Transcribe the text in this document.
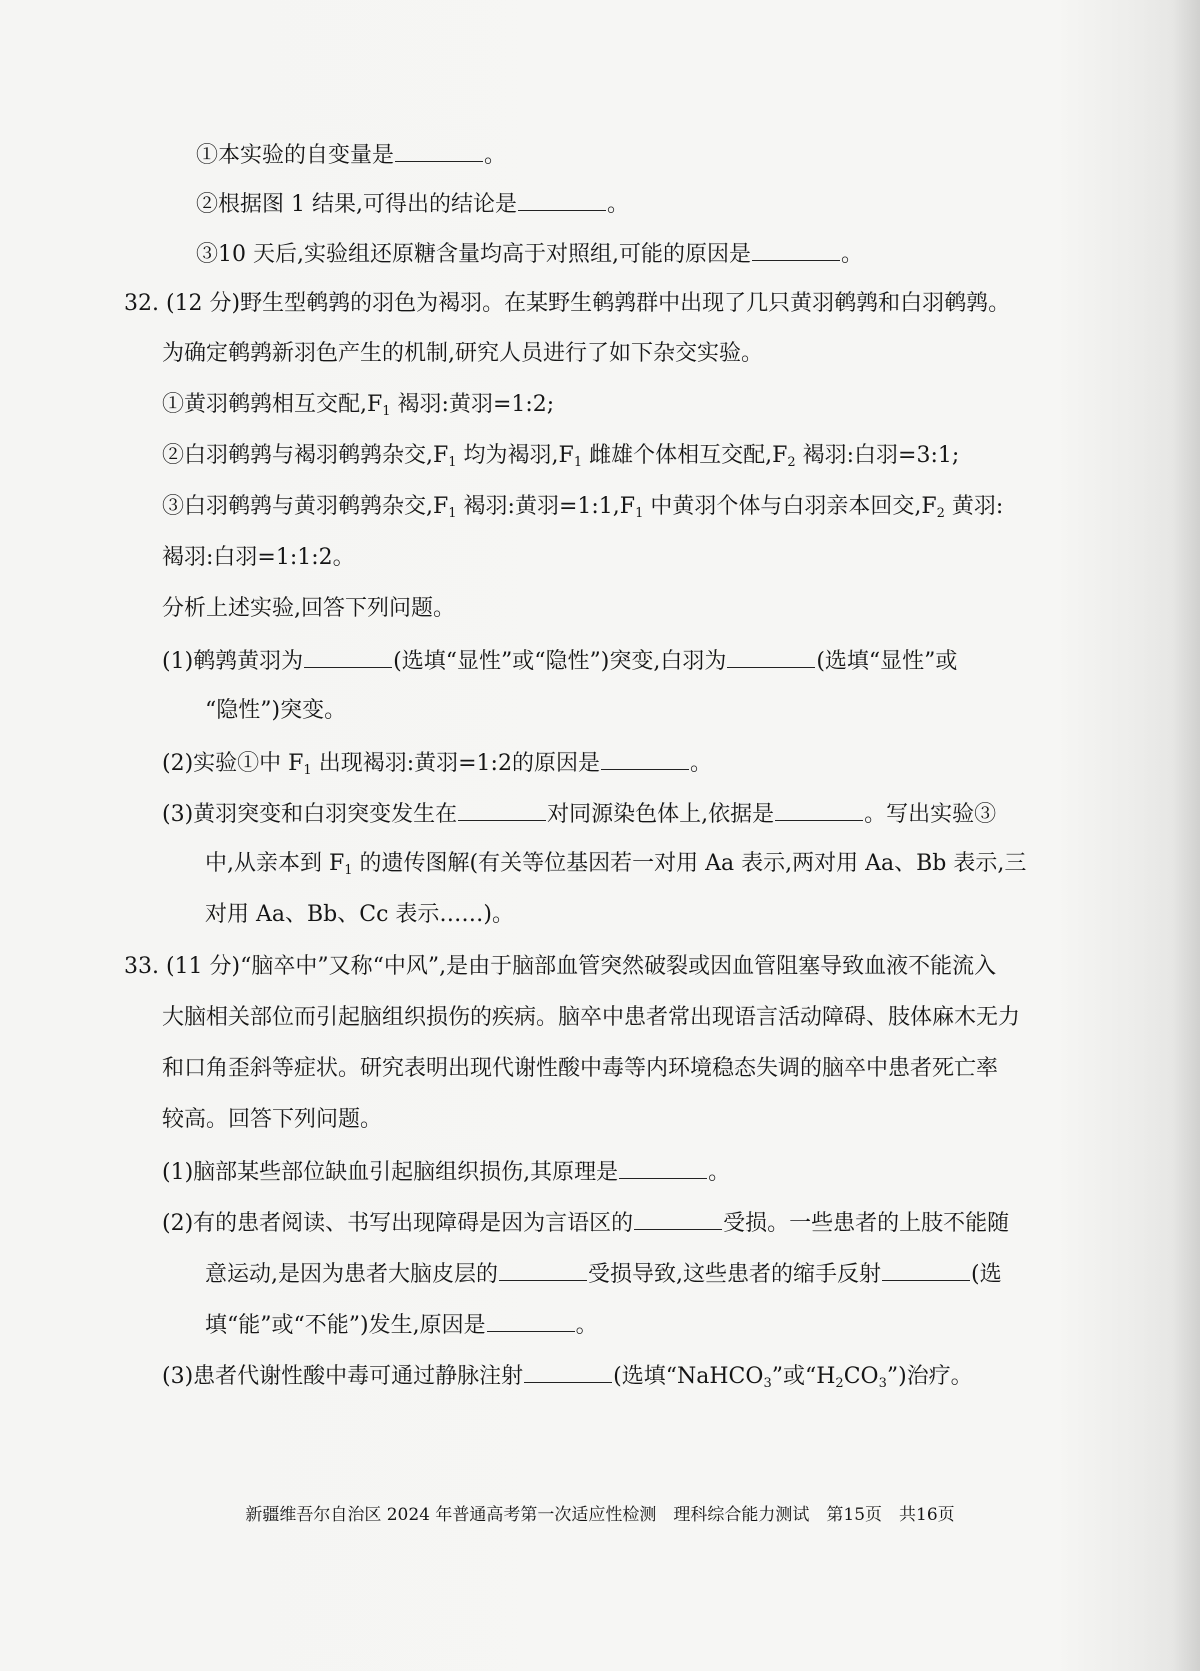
①本实验的自变量是	。
②根据图 1 结果,可得出的结论是	。
③10 天后,实验组还原糖含量均高于对照组,可能的原因是	。
32. (12 分)野生型鹌鹑的羽色为褐羽。在某野生鹌鹑群中出现了几只黄羽鹌鹑和白羽鹌鹑。
为确定鹌鹑新羽色产生的机制,研究人员进行了如下杂交实验。
①黄羽鹌鹑相互交配$,F_1$ 褐羽:黄羽=1:2;
②白羽鹌鹑与褐羽鹌鹑杂交$,F_1$ 均为褐羽$,F_1$ 雌雄个体相互交配$,F_2$ 褐羽:白羽=3:1;
③白羽鹌鹑与黄羽鹌鹑杂交$,F_1$ 褐羽:黄羽$=1:1,F_1$ 中黄羽个体与白羽亲本回交$,F_2$ 黄羽:
褐羽:白羽=1:1:2。
分析上述实验,回答下列问题。
(1)鹌鹑黄羽为	(选填“显性”或“隐性”)突变,白羽为	(选填“显性”或
“隐性”)突变。
(2)实验①中 $F_1$ 出现褐羽:黄羽=1:2的原因是	。
(3)黄羽突变和白羽突变发生在	对同源染色体上,依据是	。写出实验③
中,从亲本到 $F_1$ 的遗传图解(有关等位基因若一对用 Aa 表示,两对用 Aa、Bb 表示,三
对用 Aa、Bb、Cc 表示……)。
33. (11 分)“脑卒中”又称“中风”,是由于脑部血管突然破裂或因血管阻塞导致血液不能流入
大脑相关部位而引起脑组织损伤的疾病。脑卒中患者常出现语言活动障碍、肢体麻木无力
和口角歪斜等症状。研究表明出现代谢性酸中毒等内环境稳态失调的脑卒中患者死亡率
较高。回答下列问题。
(1)脑部某些部位缺血引起脑组织损伤,其原理是	。
(2)有的患者阅读、书写出现障碍是因为言语区的	受损。一些患者的上肢不能随
意运动,是因为患者大脑皮层的	受损导致,这些患者的缩手反射	(选
填“能”或“不能”)发生,原因是	。
(3)患者代谢性酸中毒可通过静脉注射	(选填“NaHCO$_3$”或“$H_2CO_3$”)治疗。
新疆维吾尔自治区 2024 年普通高考第一次适应性检测　理科综合能力测试　第15页　共16页
